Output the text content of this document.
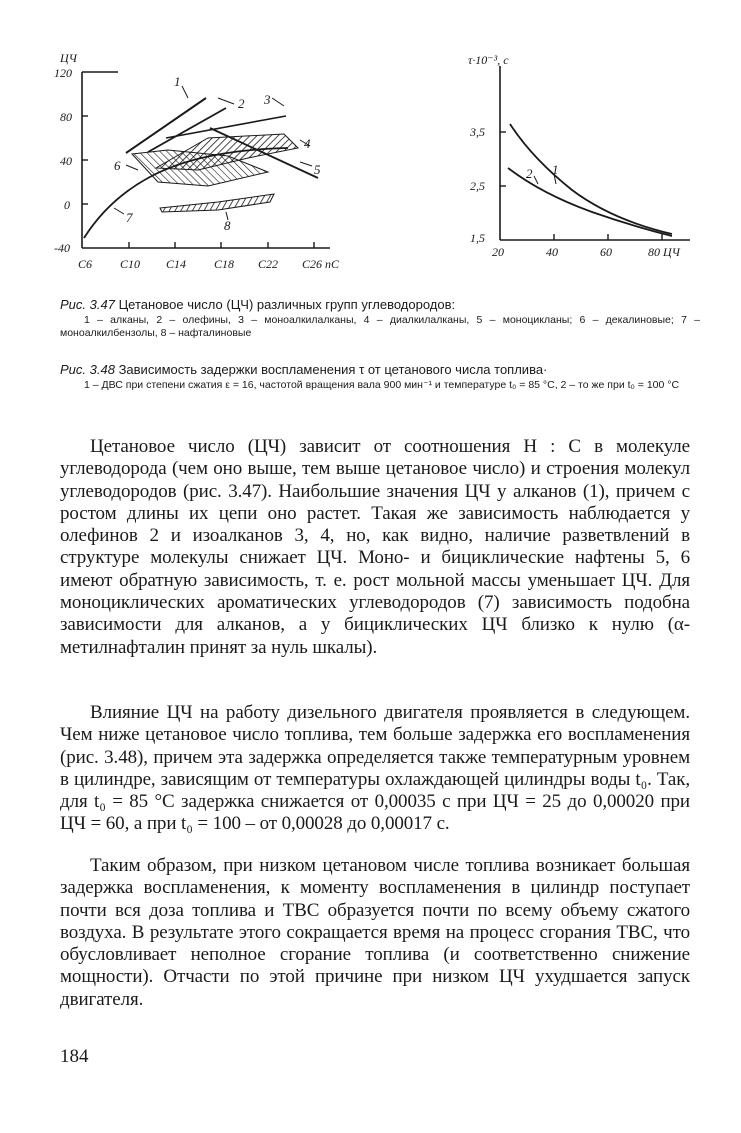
ЦЧ
120
80
40
0
-40
C6 C10 C14 C18 C22 C26 nC
1
2 3
4
5
6
7
8
τ·10⁻³, с
3,5
2,5
1,5
20	40	60	80 ЦЧ
2 1
Рис. 3.47 Цетановое число (ЦЧ) различных групп углеводородов:
1 – алканы, 2 – олефины, 3 – моноалкилалканы, 4 – диалкилалканы, 5 – моноцикланы; 6 – декалиновые; 7 – моноалкилбензолы, 8 – нафталиновые
Рис. 3.48 Зависимость задержки воспламенения τ от цетанового числа топлива·
1 – ДВС при степени сжатия ε = 16, частотой вращения вала 900 мин⁻¹ и температуре t₀ = 85 °C, 2 – то же при t₀ = 100 °C

Цетановое число (ЦЧ) зависит от соотношения Н : С в молекуле углеводорода (чем оно выше, тем выше цетановое число) и строения молекул углеводородов (рис. 3.47). Наибольшие значения ЦЧ у алканов (1), причем с ростом длины их цепи оно растет. Такая же зависимость наблюдается у олефинов 2 и изоалканов 3, 4, но, как видно, наличие разветвлений в структуре молекулы снижает ЦЧ. Моно- и бициклические нафтены 5, 6 имеют обратную зависимость, т. е. рост мольной массы уменьшает ЦЧ. Для моноциклических ароматических углеводородов (7) зависимость подобна зависимости для алканов, а у бициклических ЦЧ близко к нулю (α-метилнафталин принят за нуль шкалы).

Влияние ЦЧ на работу дизельного двигателя проявляется в следующем. Чем ниже цетановое число топлива, тем больше задержка его воспламенения (рис. 3.48), причем эта задержка определяется также температурным уровнем в цилиндре, зависящим от температуры охлаждающей цилиндры воды t₀. Так, для t₀ = 85 °C задержка снижается от 0,00035 с при ЦЧ = 25 до 0,00020 при ЦЧ = 60, а при t₀ = 100 – от 0,00028 до 0,00017 с.

Таким образом, при низком цетановом числе топлива возникает большая задержка воспламенения, к моменту воспламенения в цилиндр поступает почти вся доза топлива и ТВС образуется почти по всему объему сжатого воздуха. В результате этого сокращается время на процесс сгорания ТВС, что обусловливает неполное сгорание топлива (и соответственно снижение мощности). Отчасти по этой причине при низком ЦЧ ухудшается запуск двигателя.

184
